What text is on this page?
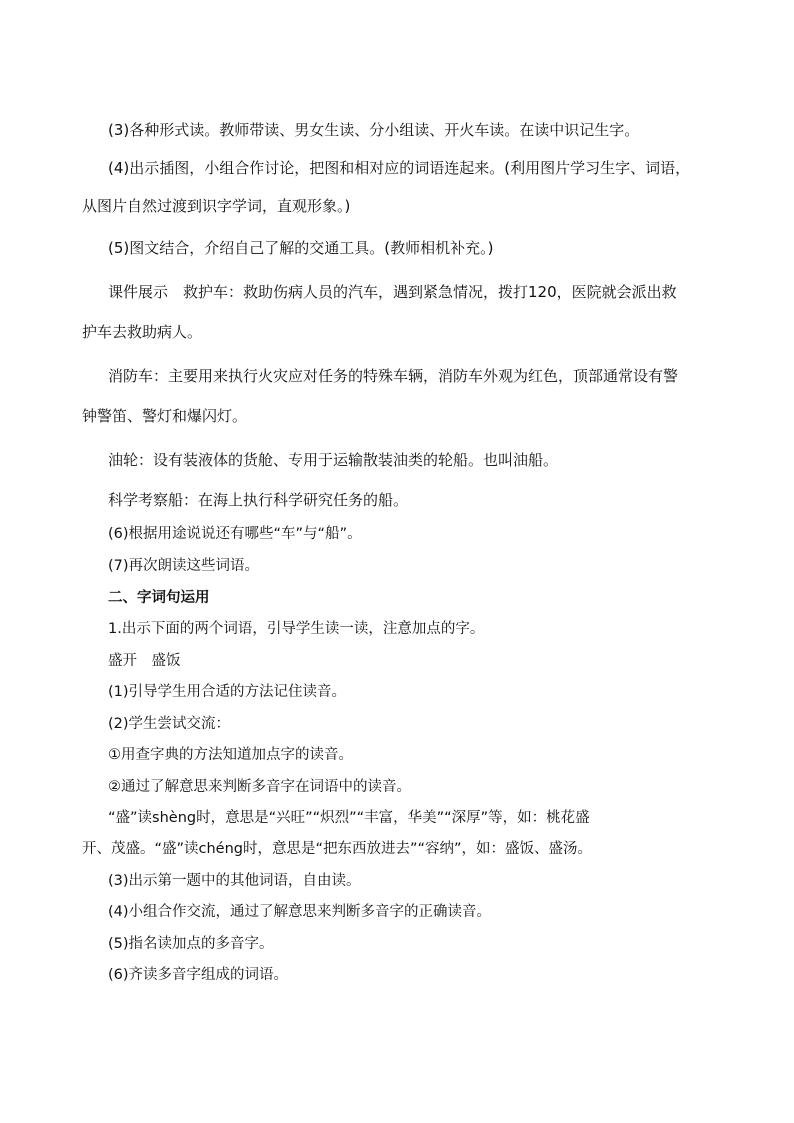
(3)各种形式读。教师带读、男女生读、分小组读、开火车读。在读中识记生字。
(4)出示插图，小组合作讨论，把图和相对应的词语连起来。(利用图片学习生字、词语，
从图片自然过渡到识字学词，直观形象。)
(5)图文结合，介绍自己了解的交通工具。(教师相机补充。)
课件展示　救护车：救助伤病人员的汽车，遇到紧急情况，拨打120，医院就会派出救
护车去救助病人。
消防车：主要用来执行火灾应对任务的特殊车辆，消防车外观为红色，顶部通常设有警
钟警笛、警灯和爆闪灯。
油轮：设有装液体的货舱、专用于运输散装油类的轮船。也叫油船。
科学考察船：在海上执行科学研究任务的船。
(6)根据用途说说还有哪些“车”与“船”。
(7)再次朗读这些词语。
二、字词句运用
1.出示下面的两个词语，引导学生读一读，注意加点的字。
盛开　盛饭
(1)引导学生用合适的方法记住读音。
(2)学生尝试交流：
①用查字典的方法知道加点字的读音。
②通过了解意思来判断多音字在词语中的读音。
“盛”读shèng时，意思是“兴旺”“炽烈”“丰富，华美”“深厚”等，如：桃花盛
开、茂盛。“盛”读chéng时，意思是“把东西放进去”“容纳”，如：盛饭、盛汤。
(3)出示第一题中的其他词语，自由读。
(4)小组合作交流，通过了解意思来判断多音字的正确读音。
(5)指名读加点的多音字。
(6)齐读多音字组成的词语。
